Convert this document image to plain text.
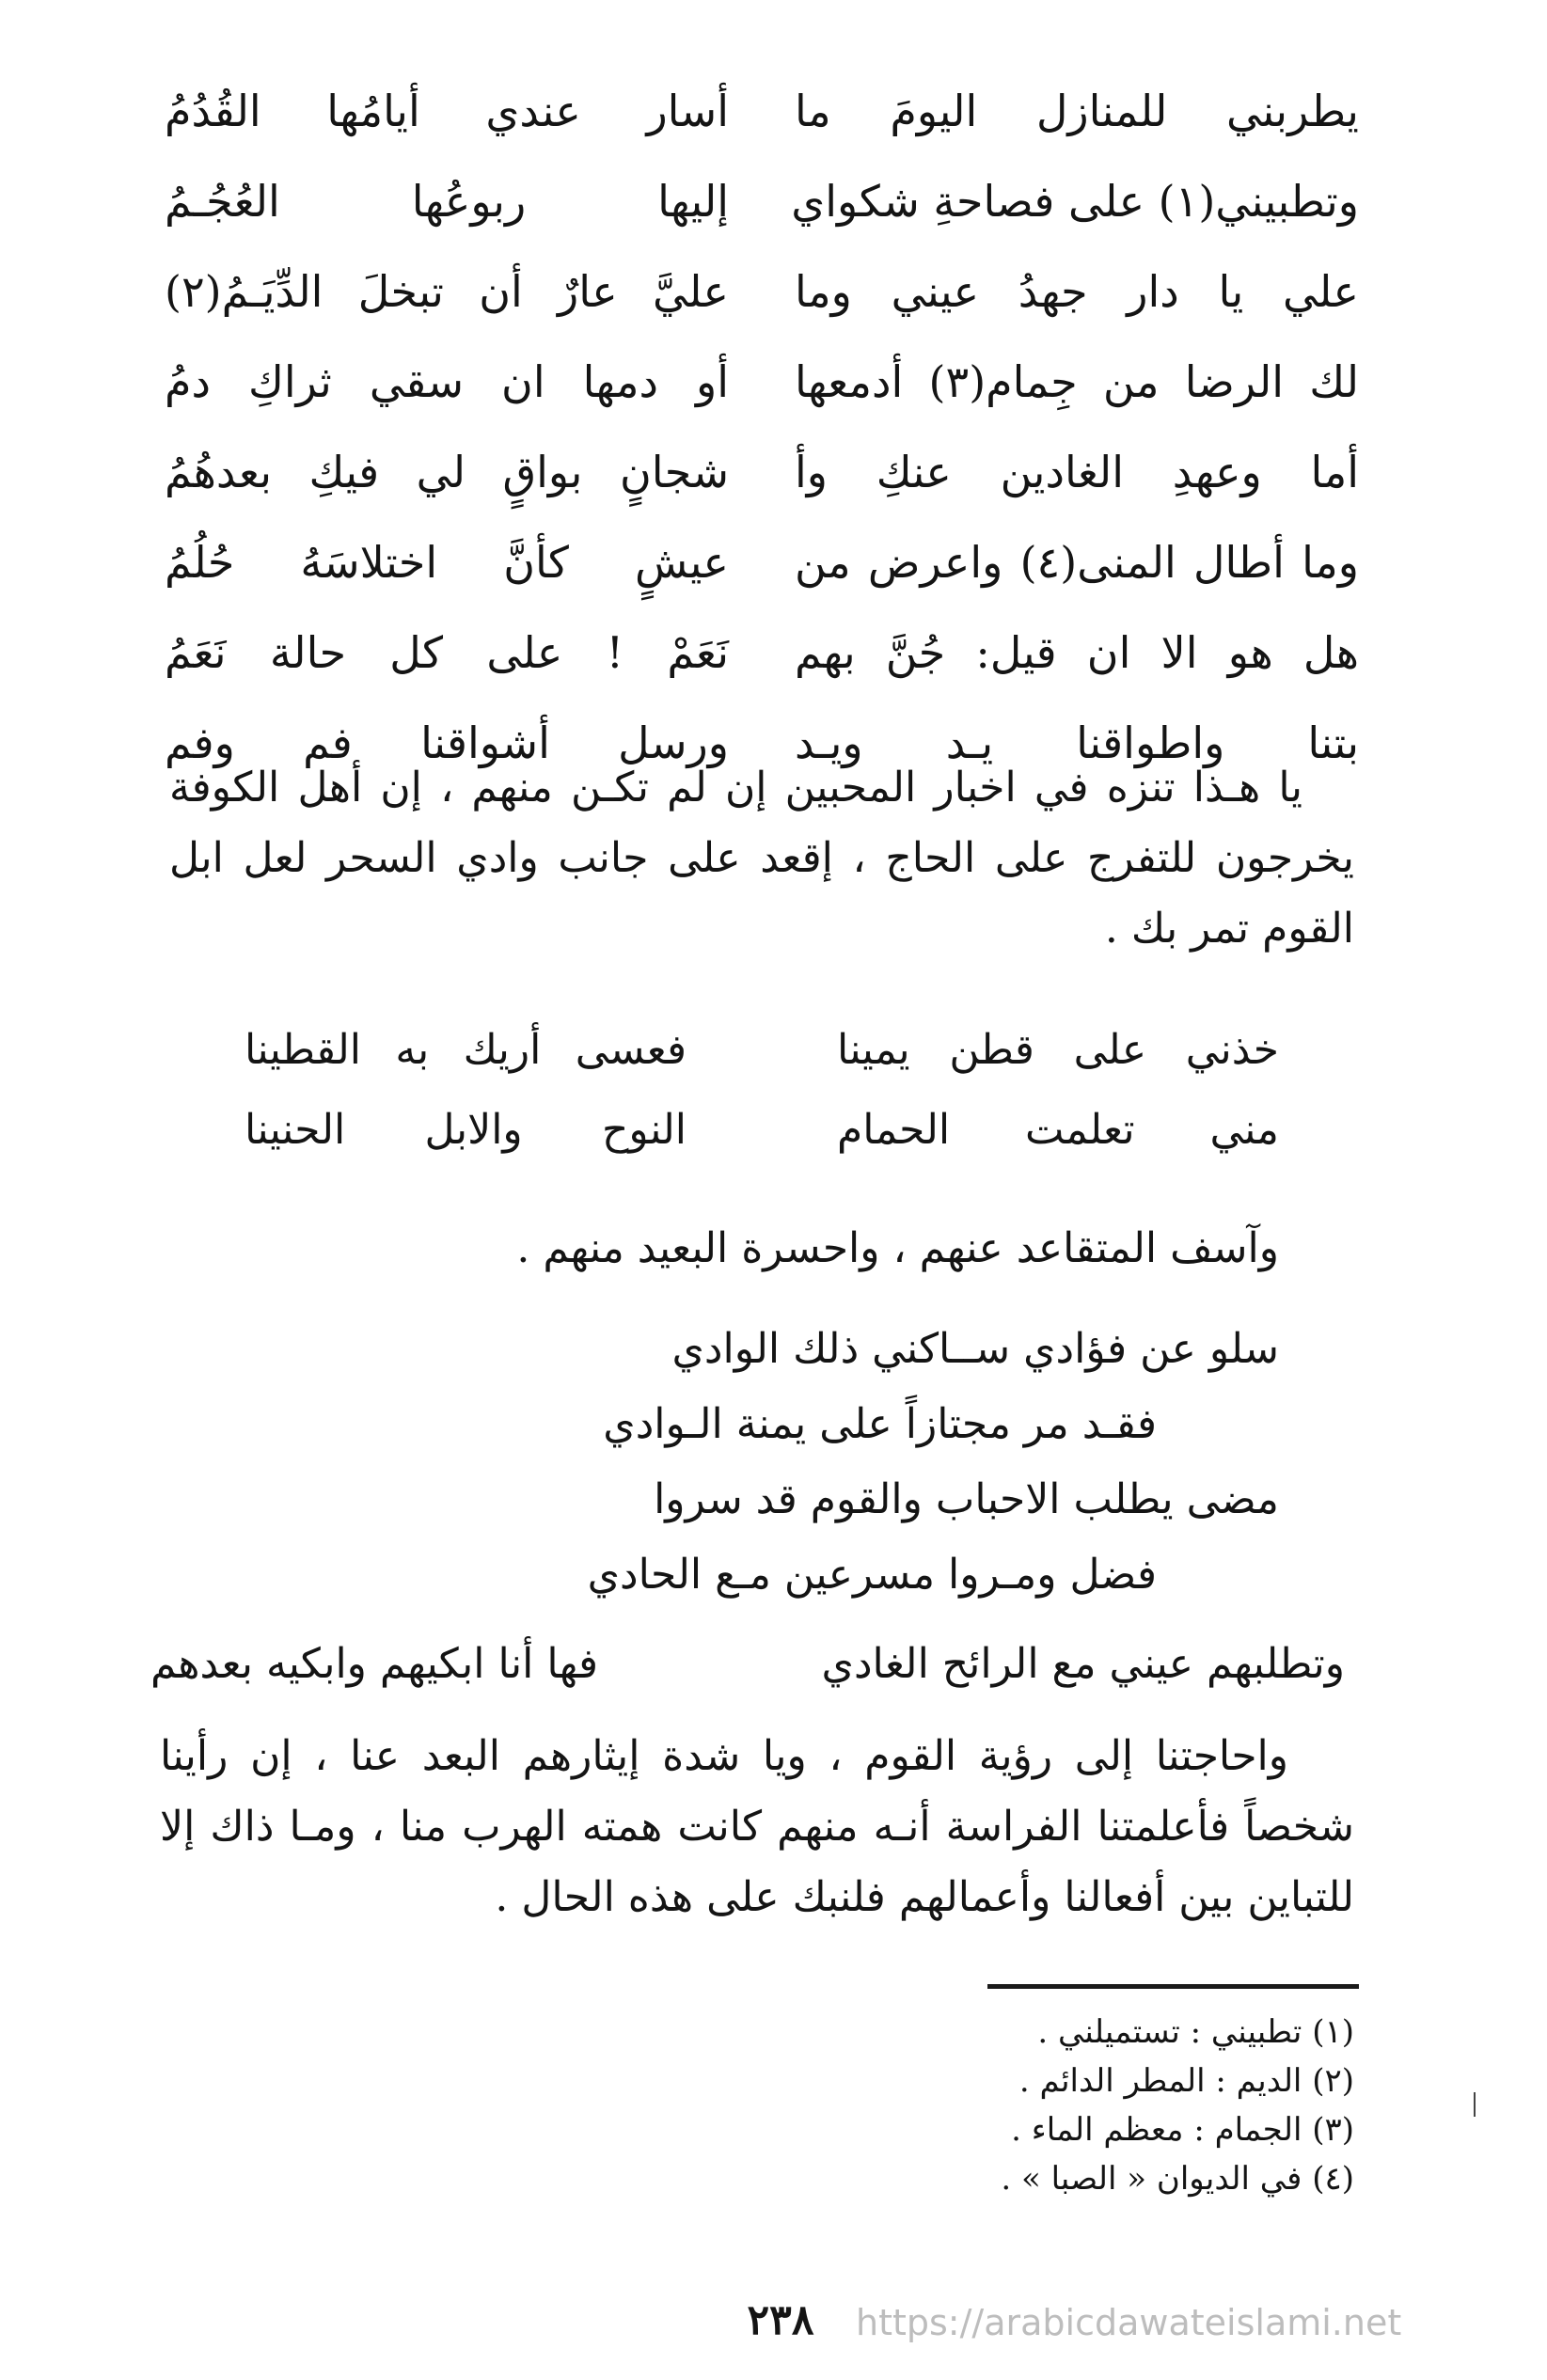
يطربني للمنازل اليومَ ما
أسار عندي أيامُها القُدُمُ
وتطبيني(١) على فصاحةِ شكواي
إليها ربوعُها العُجُـمُ
علي يا دار جهدُ عيني وما
عليَّ عارٌ أن تبخلَ الدِّيَـمُ(٢)
لك الرضا من جِمام(٣) أدمعها
أو دمها ان سقي ثراكِ دمُ
أما وعهدِ الغادين عنكِ وأ
شجانٍ بواقٍ لي فيكِ بعدهُمُ
وما أطال المنى(٤) واعرض من
عيشٍ كأنَّ اختلاسَهُ حُلُمُ
هل هو الا ان قيل: جُنَّ بهم
نَعَمْ ! على كل حالة نَعَمُ
بتنا واطواقنا يـد ويـد
ورسل أشواقنا فم وفم
يا هـذا تنزه في اخبار المحبين إن لم تكـن منهم ، إن أهل الكوفة يخرجون للتفرج على الحاج ، إقعد على جانب وادي السحر لعل ابل القوم تمر بك .
خذني على قطن يمينا
فعسى أريك به القطينا
مني تعلمت الحمام
النوح والابل الحنينا
وآسف المتقاعد عنهم ، واحسرة البعيد منهم .
سلو عن فؤادي ســاكني ذلك الوادي
فقـد مر مجتازاً على يمنة الـوادي
مضى يطلب الاحباب والقوم قد سروا
فضل ومـروا مسرعين مـع الحادي
فها أنا ابكيهم وابكيه بعدهم	وتطلبهم عيني مع الرائح الغادي
واحاجتنا إلى رؤية القوم ، ويا شدة إيثارهم البعد عنا ، إن رأينا شخصاً فأعلمتنا الفراسة أنـه منهم كانت همته الهرب منا ، ومـا ذاك إلا للتباين بين أفعالنا وأعمالهم فلنبك على هذه الحال .
(١) تطبيني : تستميلني .
(٢) الديم : المطر الدائم .
(٣) الجمام : معظم الماء .
(٤) في الديوان « الصبا » .
٢٣٨	https://arabicdawateislami.net
